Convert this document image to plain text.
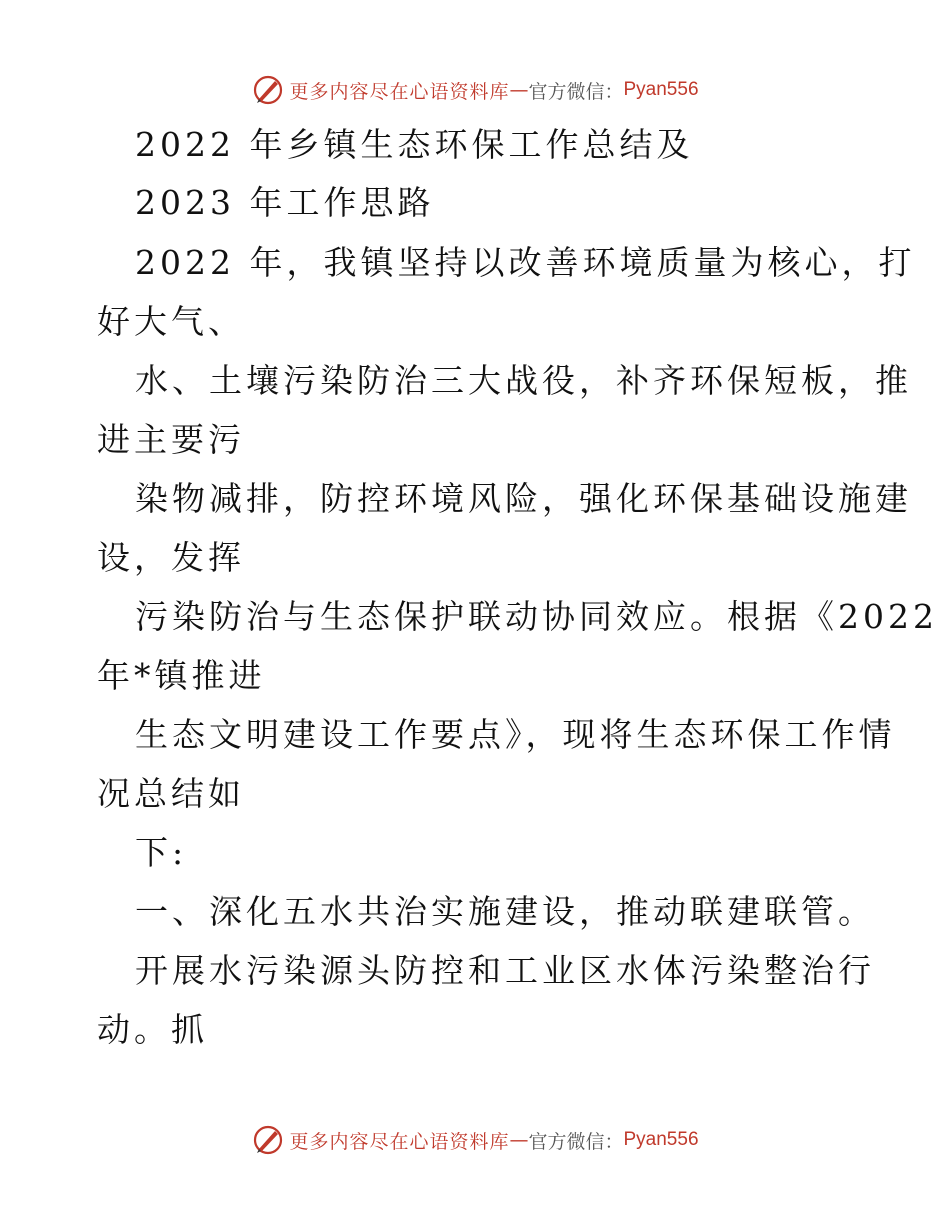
更多内容尽在心语资料库 — 官方微信： Pyan556
2022 年乡镇生态环保工作总结及
2023 年工作思路
2022 年，我镇坚持以改善环境质量为核心，打
好大气、
水、土壤污染防治三大战役，补齐环保短板，推
进主要污
染物减排，防控环境风险，强化环保基础设施建
设，发挥
污染防治与生态保护联动协同效应。根据《2022
年*镇推进
生态文明建设工作要点》，现将生态环保工作情
况总结如
下:
一、深化五水共治实施建设，推动联建联管。
开展水污染源头防控和工业区水体污染整治行
动。抓
更多内容尽在心语资料库 — 官方微信： Pyan556
